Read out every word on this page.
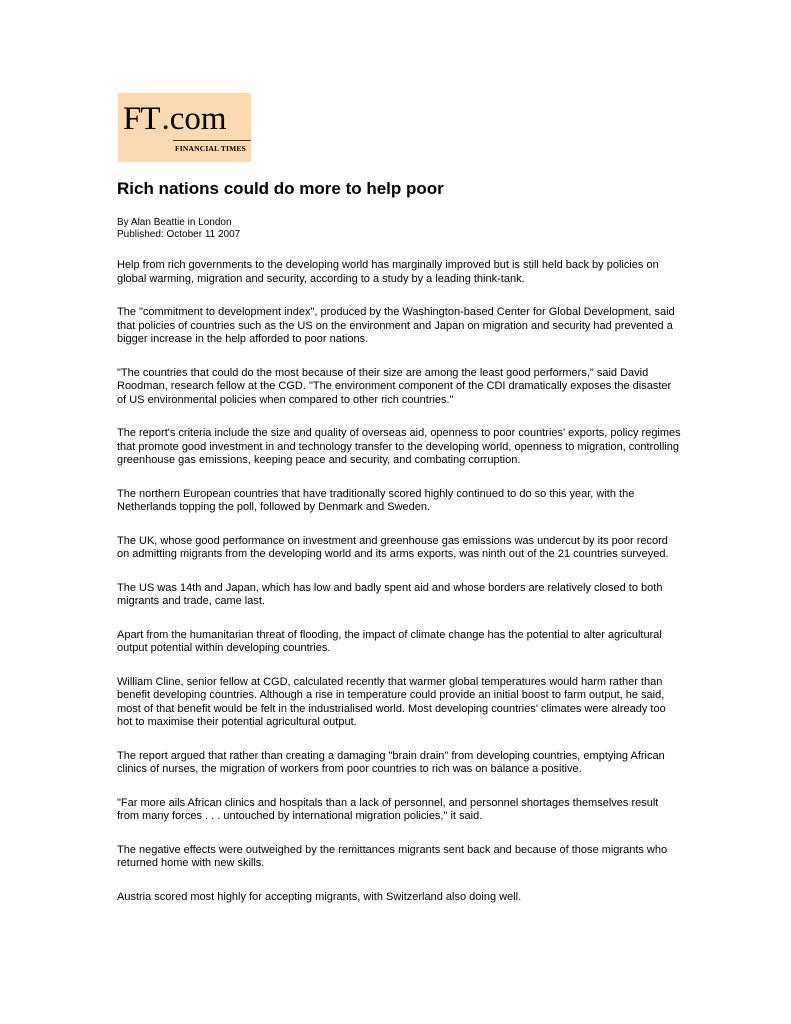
FT.com
FINANCIAL TIMES
Rich nations could do more to help poor
By Alan Beattie in London
Published: October 11 2007

Help from rich governments to the developing world has marginally improved but is still held back by policies on global warming, migration and security, according to a study by a leading think-tank.

The "commitment to development index", produced by the Washington-based Center for Global Development, said that policies of countries such as the US on the environment and Japan on migration and security had prevented a bigger increase in the help afforded to poor nations.

"The countries that could do the most because of their size are among the least good performers," said David Roodman, research fellow at the CGD. "The environment component of the CDI dramatically exposes the disaster of US environmental policies when compared to other rich countries."

The report's criteria include the size and quality of overseas aid, openness to poor countries' exports, policy regimes that promote good investment in and technology transfer to the developing world, openness to migration, controlling greenhouse gas emissions, keeping peace and security, and combating corruption.

The northern European countries that have traditionally scored highly continued to do so this year, with the Netherlands topping the poll, followed by Denmark and Sweden.

The UK, whose good performance on investment and greenhouse gas emissions was undercut by its poor record on admitting migrants from the developing world and its arms exports, was ninth out of the 21 countries surveyed.

The US was 14th and Japan, which has low and badly spent aid and whose borders are relatively closed to both migrants and trade, came last.

Apart from the humanitarian threat of flooding, the impact of climate change has the potential to alter agricultural output potential within developing countries.

William Cline, senior fellow at CGD, calculated recently that warmer global temperatures would harm rather than benefit developing countries. Although a rise in temperature could provide an initial boost to farm output, he said, most of that benefit would be felt in the industrialised world. Most developing countries' climates were already too hot to maximise their potential agricultural output.

The report argued that rather than creating a damaging "brain drain" from developing countries, emptying African clinics of nurses, the migration of workers from poor countries to rich was on balance a positive.

"Far more ails African clinics and hospitals than a lack of personnel, and personnel shortages themselves result from many forces . . . untouched by international migration policies," it said.

The negative effects were outweighed by the remittances migrants sent back and because of those migrants who returned home with new skills.

Austria scored most highly for accepting migrants, with Switzerland also doing well.
